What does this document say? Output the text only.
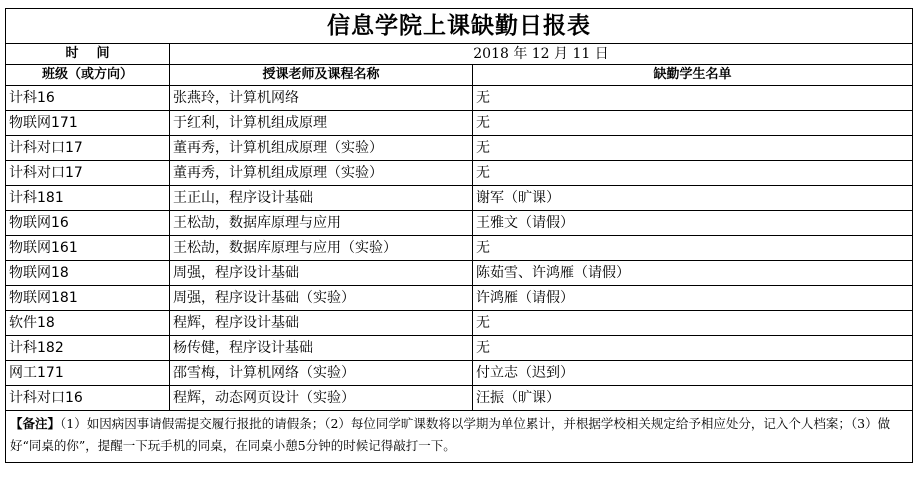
信息学院上课缺勤日报表		
时    间	2018 年 12 月 11 日	
班级（或方向）	授课老师及课程名称	缺勤学生名单
计科16	张燕玲，计算机网络	无
物联网171	于红利，计算机组成原理	无
计科对口17	董再秀，计算机组成原理（实验）	无
计科对口17	董再秀，计算机组成原理（实验）	无
计科181	王正山，程序设计基础	谢军（旷课）
物联网16	王松劼，数据库原理与应用	王雅文（请假）
物联网161	王松劼，数据库原理与应用（实验）	无
物联网18	周强，程序设计基础	陈茹雪、许鸿雁（请假）
物联网181	周强，程序设计基础（实验）	许鸿雁（请假）
软件18	程辉，程序设计基础	无
计科182	杨传健，程序设计基础	无
网工171	邵雪梅，计算机网络（实验）	付立志（迟到）
计科对口16	程辉，动态网页设计（实验）	汪振（旷课）
【备注】（1）如因病因事请假需提交履行报批的请假条；（2）每位同学旷课数将以学期为单位累计，并根据学校相关规定给予相应处分，记入个人档案；（3）做好“同桌的你”，提醒一下玩手机的同桌，在同桌小憩5分钟的时候记得敲打一下。		
